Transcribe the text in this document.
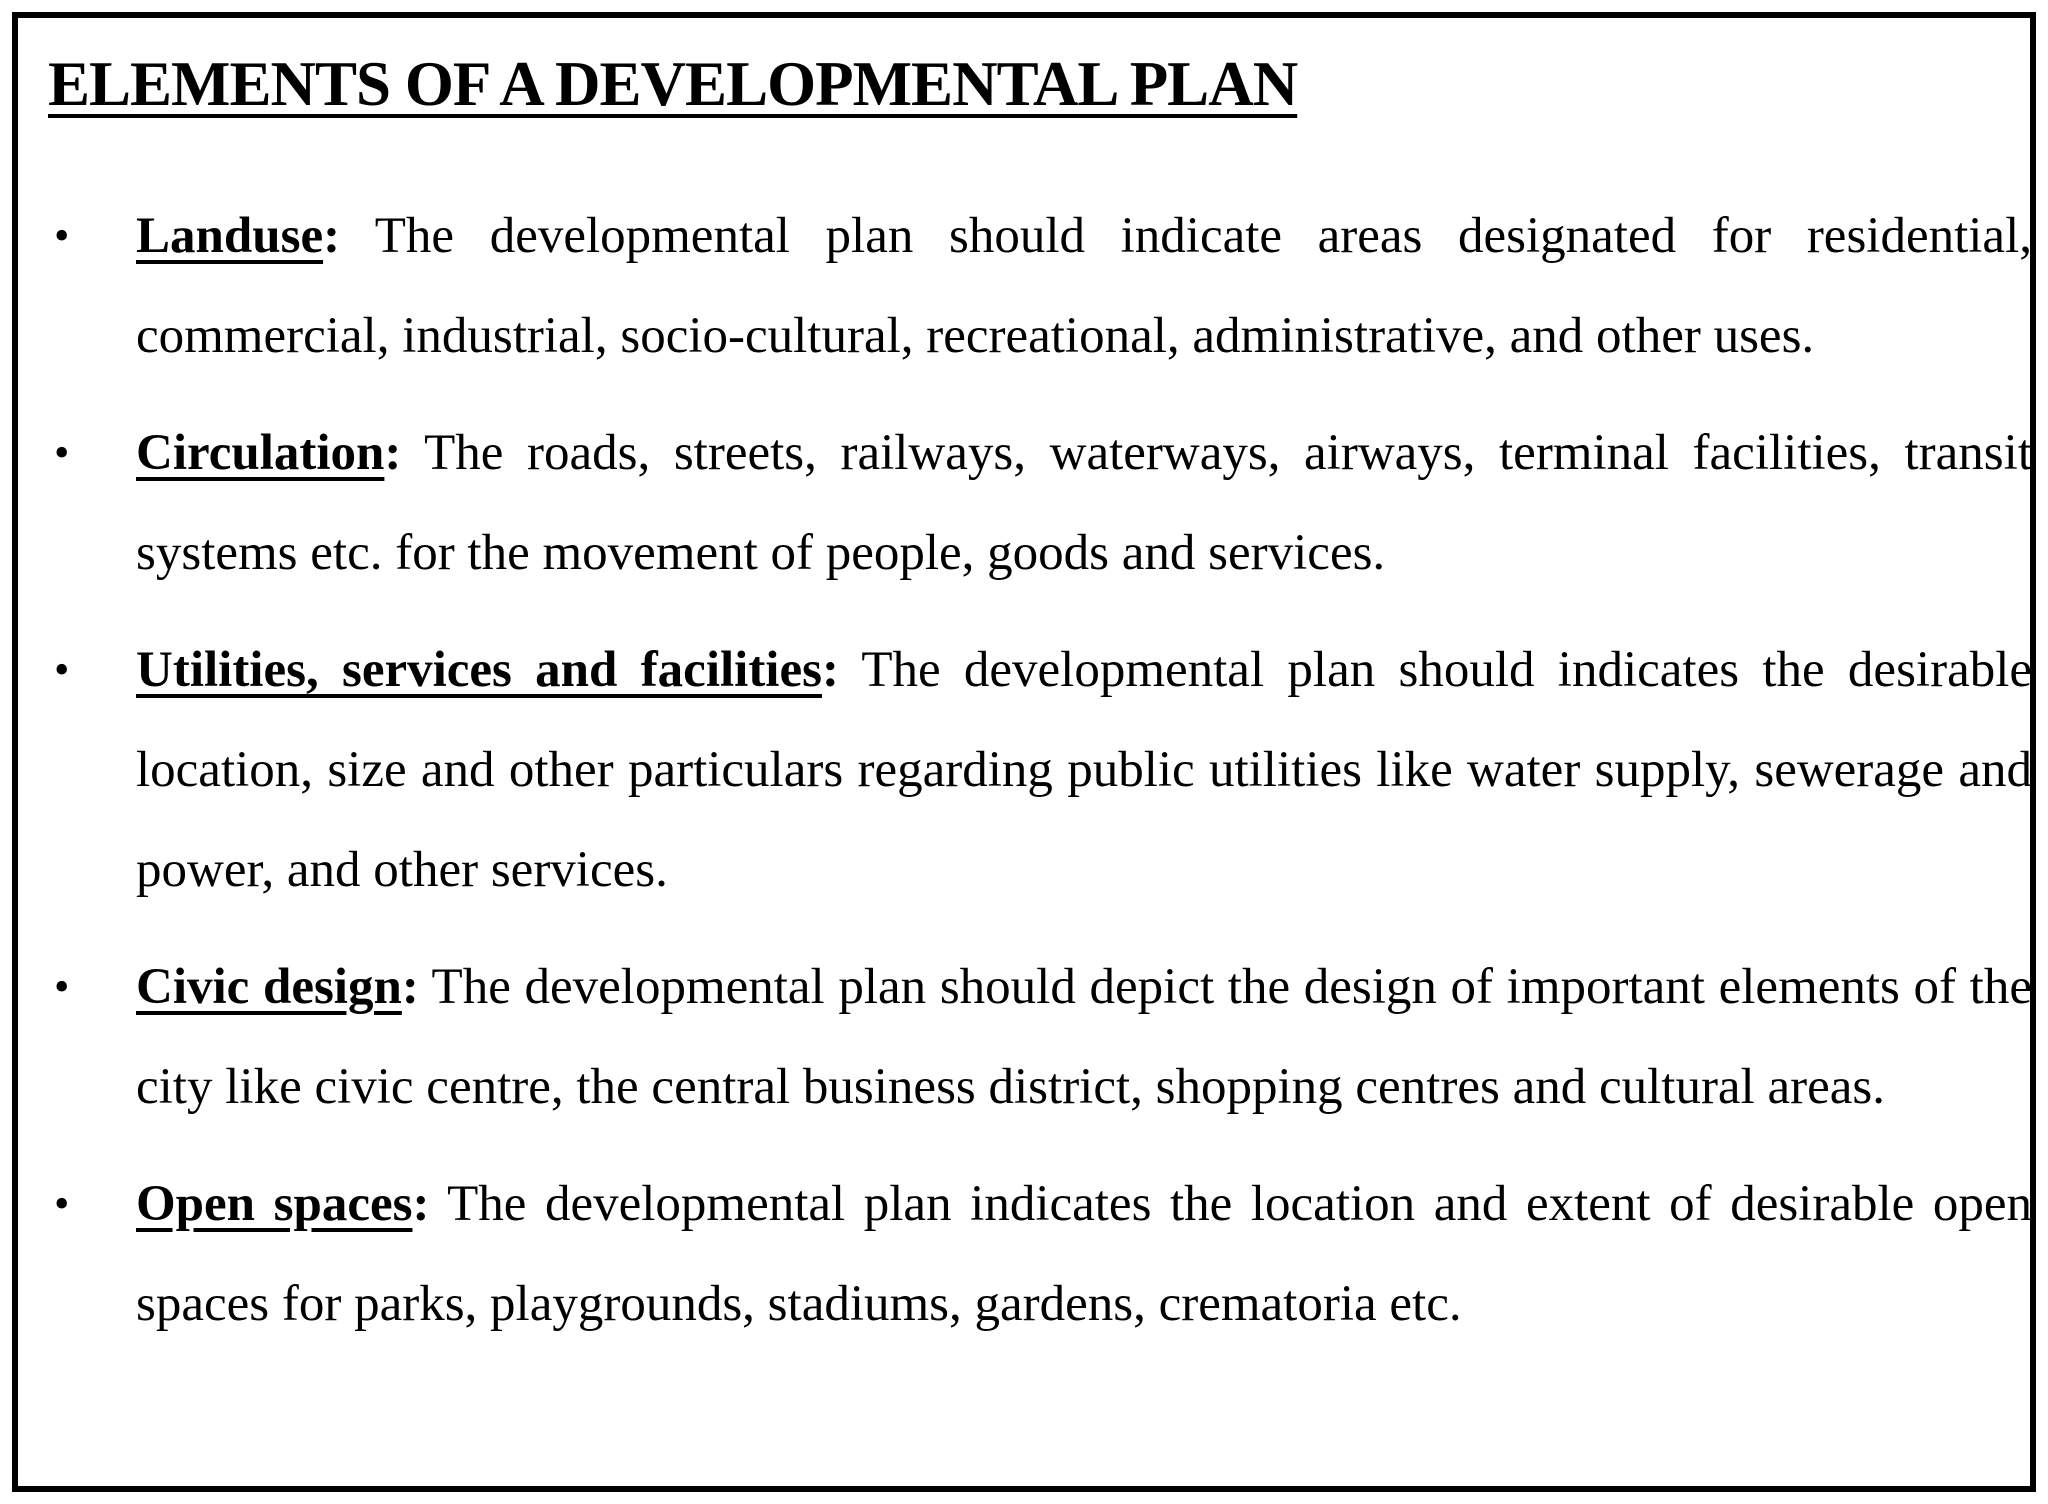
ELEMENTS OF A DEVELOPMENTAL PLAN
• Landuse: The developmental plan should indicate areas designated for residential, commercial, industrial, socio-cultural, recreational, administrative, and other uses.
• Circulation: The roads, streets, railways, waterways, airways, terminal facilities, transit systems etc. for the movement of people, goods and services.
• Utilities, services and facilities: The developmental plan should indicates the desirable location, size and other particulars regarding public utilities like water supply, sewerage and power, and other services.
• Civic design: The developmental plan should depict the design of important elements of the city like civic centre, the central business district, shopping centres and cultural areas.
• Open spaces: The developmental plan indicates the location and extent of desirable open spaces for parks, playgrounds, stadiums, gardens, crematoria etc.
